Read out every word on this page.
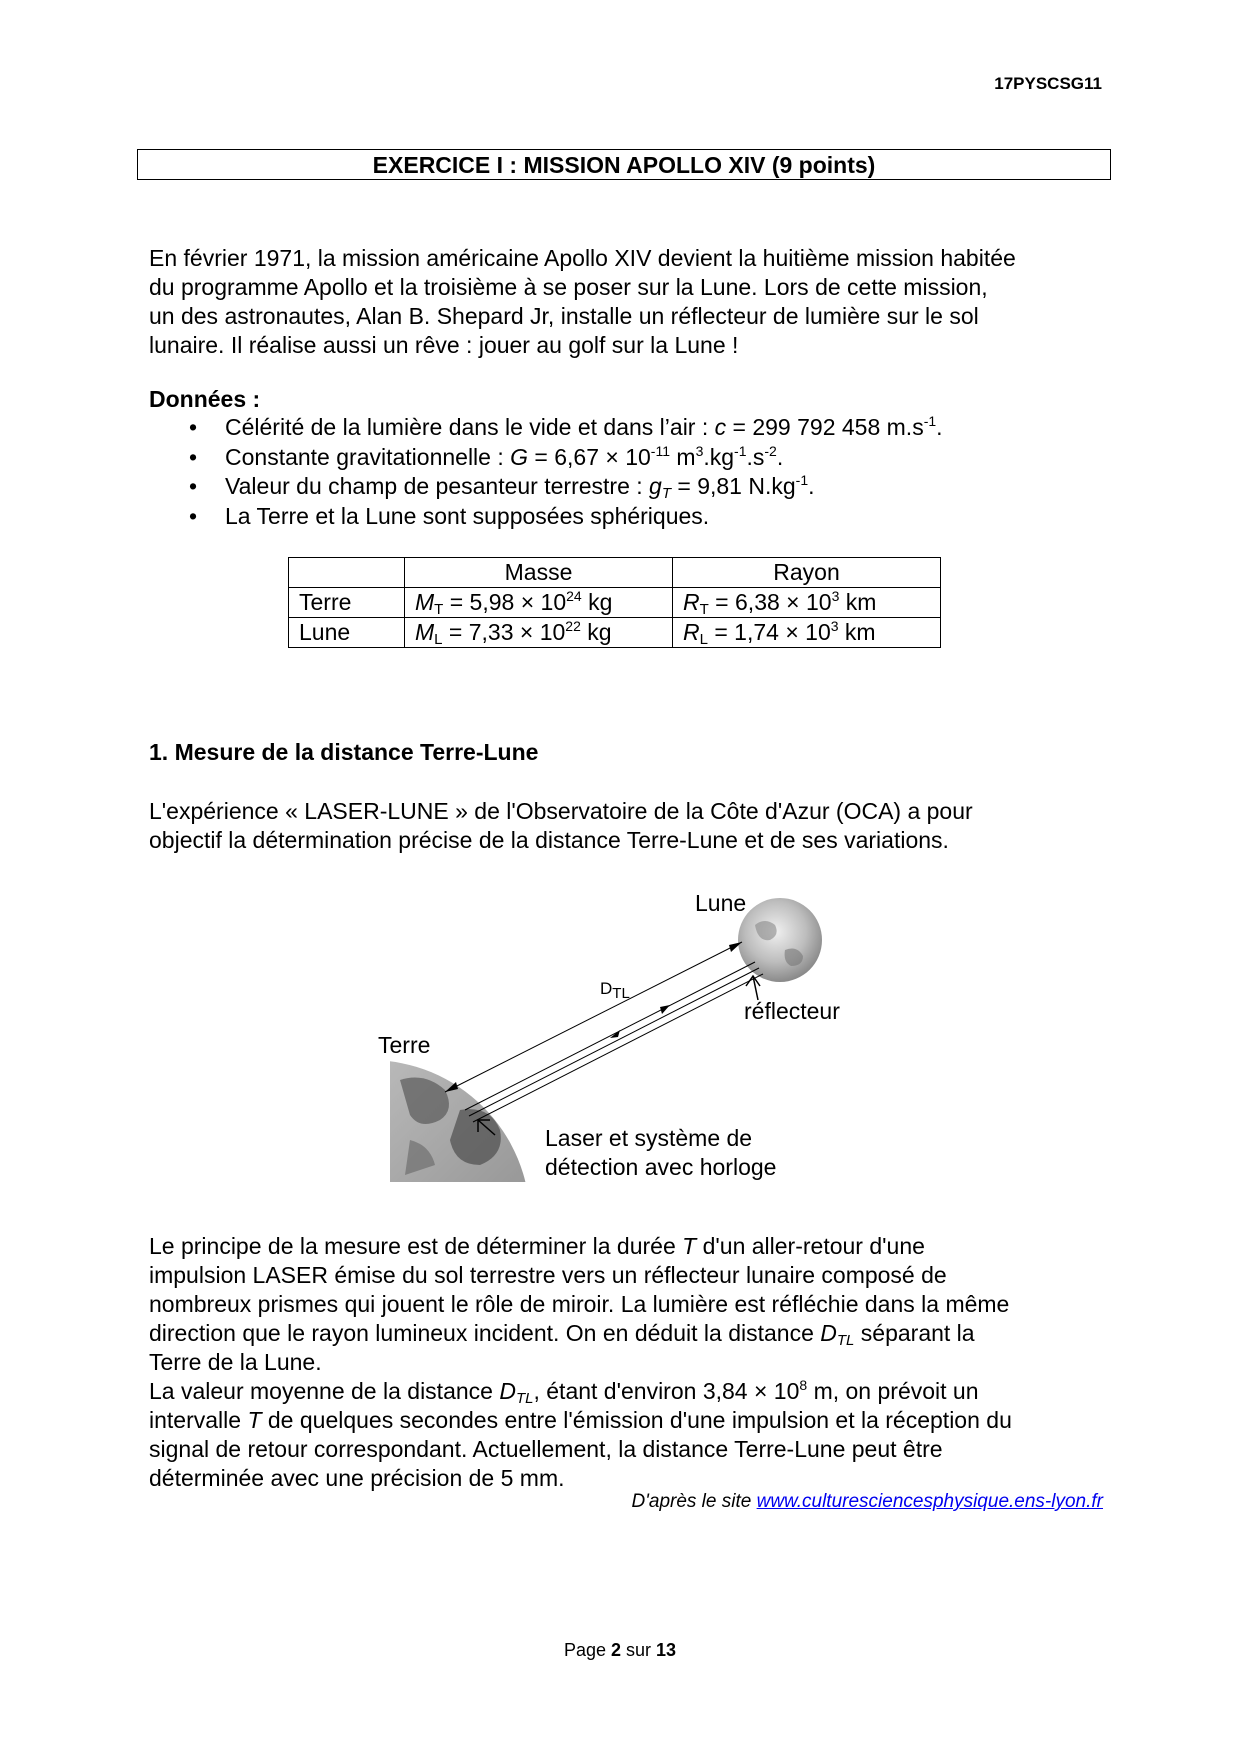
17PYSCSG11
EXERCICE I : MISSION APOLLO XIV (9 points)
En février 1971, la mission américaine Apollo XIV devient la huitième mission habitée
du programme Apollo et la troisième à se poser sur la Lune. Lors de cette mission,
un des astronautes, Alan B. Shepard Jr, installe un réflecteur de lumière sur le sol
lunaire. Il réalise aussi un rêve : jouer au golf sur la Lune !
Données :
• Célérité de la lumière dans le vide et dans l’air : c = 299 792 458 $m.s^{-1}$.
• Constante gravitationnelle : $G = 6,67 \times 10^{-11}$ $m^3.kg^{-1}.s^{-2}$.
• Valeur du champ de pesanteur terrestre : $g_T = 9,81$ $N.kg^{-1}$.
• La Terre et la Lune sont supposées sphériques.
	Masse	Rayon
Terre	$M_T = 5,98 \times 10^{24}$ kg	$R_T = 6,38 \times 10^3$ km
Lune	$M_L = 7,33 \times 10^{22}$ kg	$R_L = 1,74 \times 10^3$ km
1. Mesure de la distance Terre-Lune
L'expérience « LASER-LUNE » de l'Observatoire de la Côte d'Azur (OCA) a pour
objectif la détermination précise de la distance Terre-Lune et de ses variations.
Lune
Terre
réflecteur
$D_{TL}$
Laser et système de
détection avec horloge
Le principe de la mesure est de déterminer la durée T d'un aller-retour d'une
impulsion LASER émise du sol terrestre vers un réflecteur lunaire composé de
nombreux prismes qui jouent le rôle de miroir. La lumière est réfléchie dans la même
direction que le rayon lumineux incident. On en déduit la distance $D_{TL}$ séparant la
Terre de la Lune.
La valeur moyenne de la distance $D_{TL}$, étant d'environ $3,84 \times 10^8$ m, on prévoit un
intervalle T de quelques secondes entre l'émission d'une impulsion et la réception du
signal de retour correspondant. Actuellement, la distance Terre-Lune peut être
déterminée avec une précision de 5 mm.
D'après le site www.culturesciencesphysique.ens-lyon.fr
Page 2 sur 13
